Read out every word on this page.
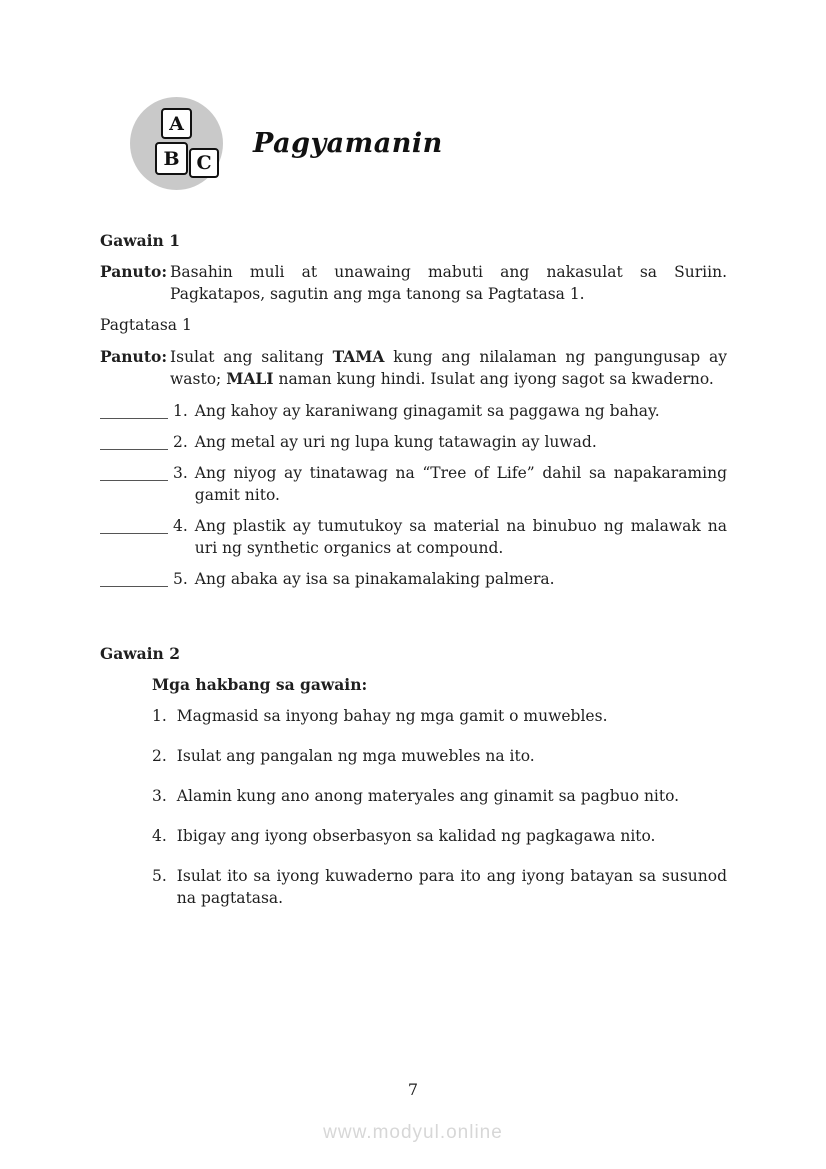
A
B C
Pagyamanin
Gawain 1
Panuto: Basahin muli at unawaing mabuti ang nakasulat sa Suriin. Pagkatapos, sagutin ang mga tanong sa Pagtatasa 1.
Pagtatasa 1
Panuto: Isulat ang salitang TAMA kung ang nilalaman ng pangungusap ay wasto; MALI naman kung hindi. Isulat ang iyong sagot sa kwaderno.
1. Ang kahoy ay karaniwang ginagamit sa paggawa ng bahay.
2. Ang metal ay uri ng lupa kung tatawagin ay luwad.
3. Ang niyog ay tinatawag na “Tree of Life” dahil sa napakaraming gamit nito.
4. Ang plastik ay tumutukoy sa material na binubuo ng malawak na uri ng synthetic organics at compound.
5. Ang abaka ay isa sa pinakamalaking palmera.
Gawain 2
Mga hakbang sa gawain:
1. Magmasid sa inyong bahay ng mga gamit o muwebles.
2. Isulat ang pangalan ng mga muwebles na ito.
3. Alamin kung ano anong materyales ang ginamit sa pagbuo nito.
4. Ibigay ang iyong obserbasyon sa kalidad ng pagkagawa nito.
5. Isulat ito sa iyong kuwaderno para ito ang iyong batayan sa susunod na pagtatasa.
7
www.modyul.online
